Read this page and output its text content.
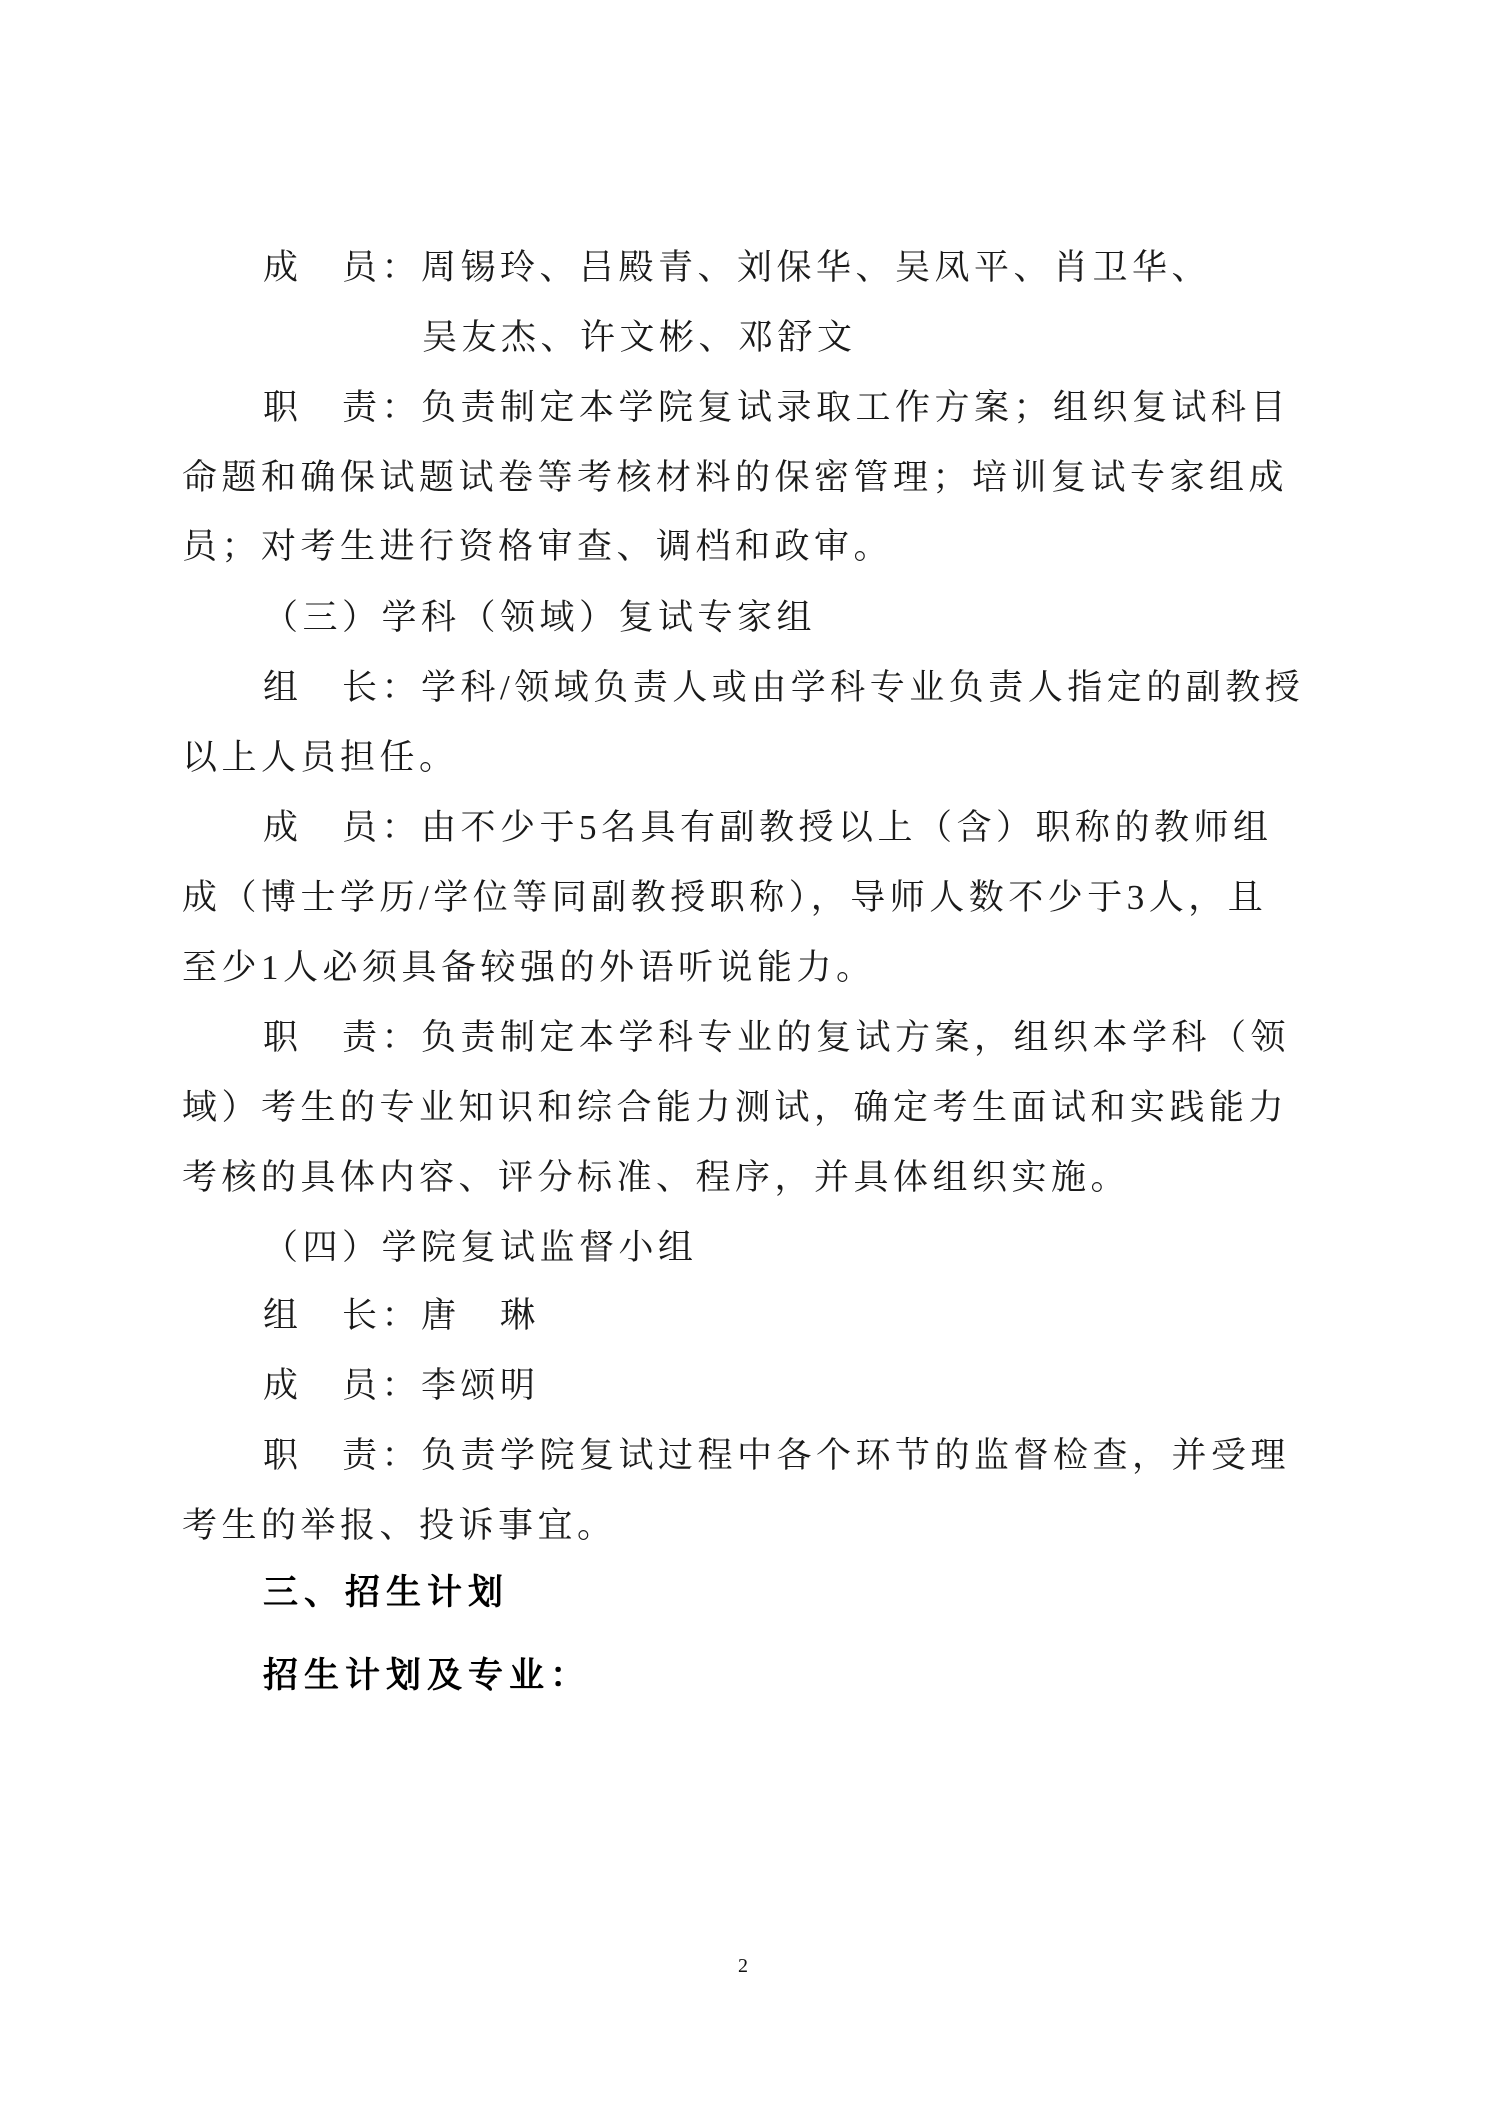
成　员：周锡玲、吕殿青、刘保华、吴凤平、肖卫华、
吴友杰、许文彬、邓舒文
职　责：负责制定本学院复试录取工作方案；组织复试科目
命题和确保试题试卷等考核材料的保密管理；培训复试专家组成
员；对考生进行资格审查、调档和政审。
（三）学科（领域）复试专家组
组　长：学科/领域负责人或由学科专业负责人指定的副教授
以上人员担任。
成　员：由不少于5名具有副教授以上（含）职称的教师组
成（博士学历/学位等同副教授职称），导师人数不少于3人，且
至少1人必须具备较强的外语听说能力。
职　责：负责制定本学科专业的复试方案，组织本学科（领
域）考生的专业知识和综合能力测试，确定考生面试和实践能力
考核的具体内容、评分标准、程序，并具体组织实施。
（四）学院复试监督小组
组　长：唐　琳
成　员：李颂明
职　责：负责学院复试过程中各个环节的监督检查，并受理
考生的举报、投诉事宜。
三、招生计划
招生计划及专业：
2
